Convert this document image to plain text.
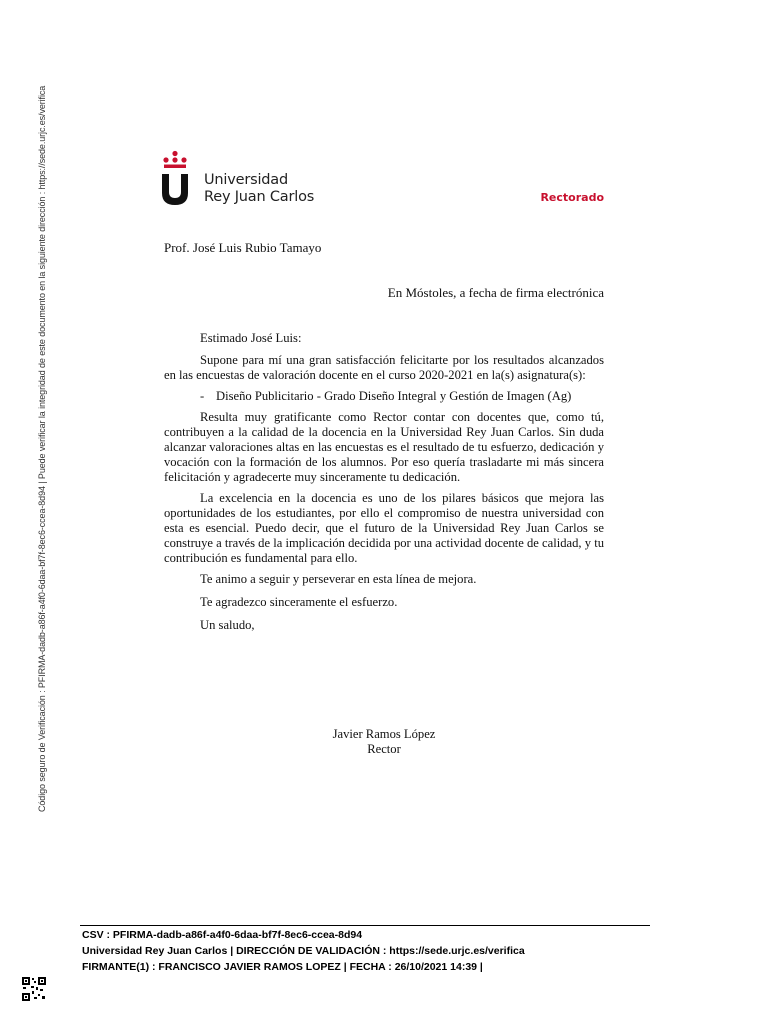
Código seguro de Verificación : PFIRMA-dadb-a86f-a4f0-6daa-bf7f-8ec6-ccea-8d94 | Puede verificar la integridad de este documento en la siguiente dirección : https://sede.urjc.es/verifica	Universidad
Rey Juan Carlos	Rectorado
Prof. José Luis Rubio Tamayo
En Móstoles, a fecha de firma electrónica

Estimado José Luis:

Supone para mí una gran satisfacción felicitarte por los resultados alcanzados en las encuestas de valoración docente en el curso 2020-2021 en la(s) asignatura(s):

- Diseño Publicitario - Grado Diseño Integral y Gestión de Imagen (Ag)

Resulta muy gratificante como Rector contar con docentes que, como tú, contribuyen a la calidad de la docencia en la Universidad Rey Juan Carlos. Sin duda alcanzar valoraciones altas en las encuestas es el resultado de tu esfuerzo, dedicación y vocación con la formación de los alumnos. Por eso quería trasladarte mi más sincera felicitación y agradecerte muy sinceramente tu dedicación.

La excelencia en la docencia es uno de los pilares básicos que mejora las oportunidades de los estudiantes, por ello el compromiso de nuestra universidad con esta es esencial. Puedo decir, que el futuro de la Universidad Rey Juan Carlos se construye a través de la implicación decidida por una actividad docente de calidad, y tu contribución es fundamental para ello.

Te animo a seguir y perseverar en esta línea de mejora.

Te agradezco sinceramente el esfuerzo.

Un saludo,

Javier Ramos López
Rector
CSV : PFIRMA-dadb-a86f-a4f0-6daa-bf7f-8ec6-ccea-8d94
Universidad Rey Juan Carlos | DIRECCIÓN DE VALIDACIÓN : https://sede.urjc.es/verifica
FIRMANTE(1) : FRANCISCO JAVIER RAMOS LOPEZ | FECHA : 26/10/2021 14:39 |
